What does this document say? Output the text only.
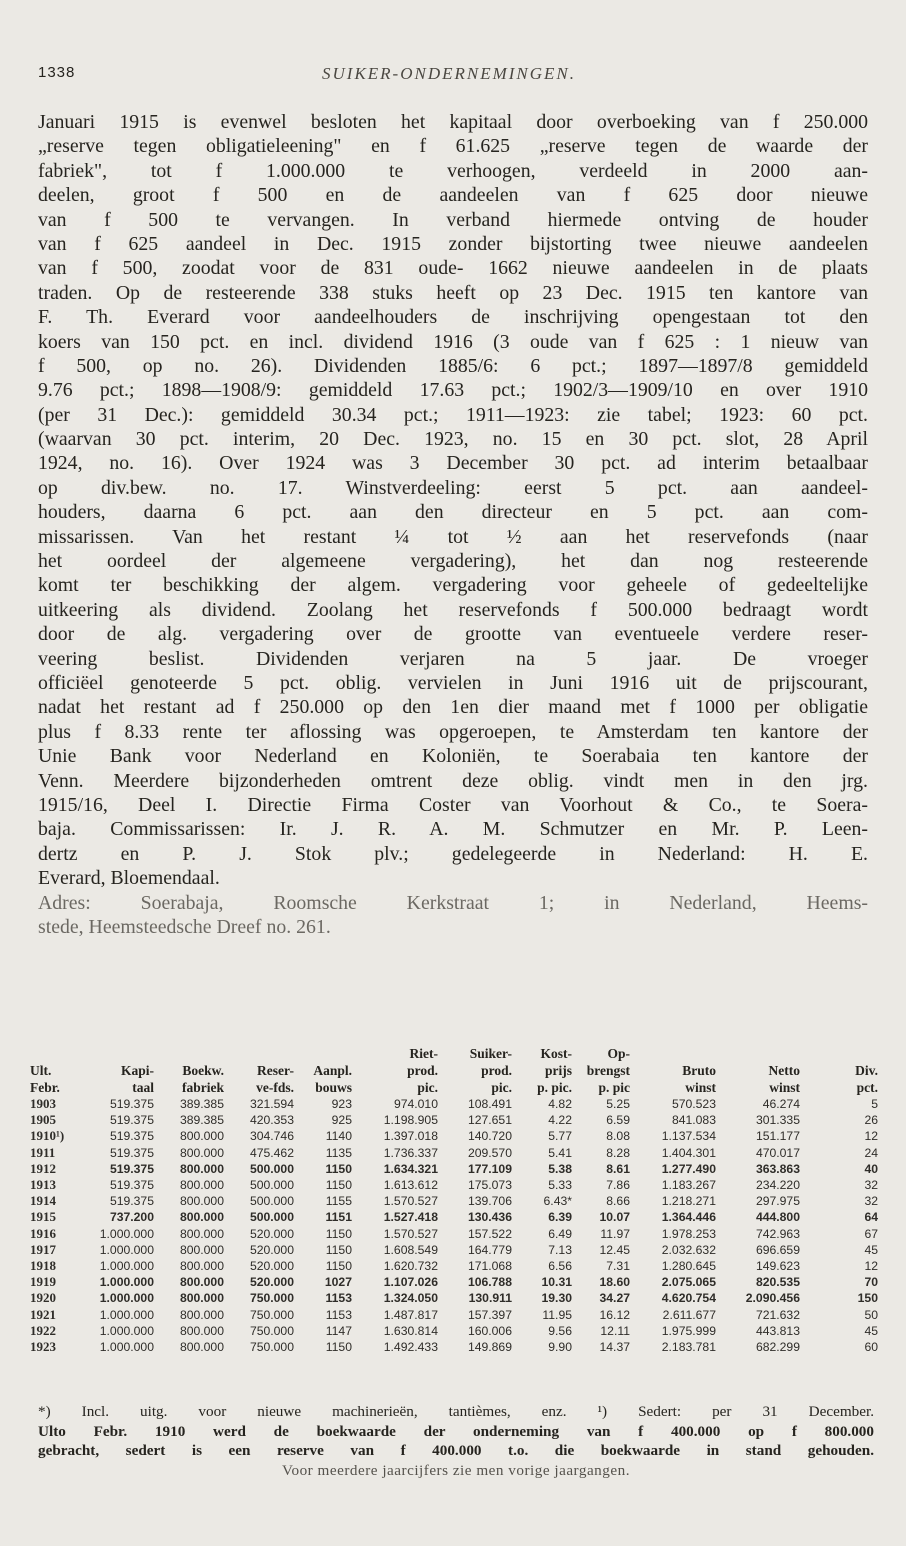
1338	SUIKER-ONDERNEMINGEN.
Januari 1915 is evenwel besloten het kapitaal door overboeking van f 250.000
„reserve tegen obligatieleening" en f 61.625 „reserve tegen de waarde der
fabriek", tot f 1.000.000 te verhoogen, verdeeld in 2000 aan-
deelen, groot f 500 en de aandeelen van f 625 door nieuwe
van f 500 te vervangen. In verband hiermede ontving de houder
van f 625 aandeel in Dec. 1915 zonder bijstorting twee nieuwe aandeelen
van f 500, zoodat voor de 831 oude- 1662 nieuwe aandeelen in de plaats
traden. Op de resteerende 338 stuks heeft op 23 Dec. 1915 ten kantore van
F. Th. Everard voor aandeelhouders de inschrijving opengestaan tot den
koers van 150 pct. en incl. dividend 1916 (3 oude van f 625 : 1 nieuw van
f 500, op no. 26). Dividenden 1885/6: 6 pct.; 1897—1897/8 gemiddeld
9.76 pct.; 1898—1908/9: gemiddeld 17.63 pct.; 1902/3—1909/10 en over 1910
(per 31 Dec.): gemiddeld 30.34 pct.; 1911—1923: zie tabel; 1923: 60 pct.
(waarvan 30 pct. interim, 20 Dec. 1923, no. 15 en 30 pct. slot, 28 April
1924, no. 16). Over 1924 was 3 December 30 pct. ad interim betaalbaar
op div.bew. no. 17. Winstverdeeling: eerst 5 pct. aan aandeel-
houders, daarna 6 pct. aan den directeur en 5 pct. aan com-
missarissen. Van het restant ¼ tot ½ aan het reservefonds (naar
het oordeel der algemeene vergadering), het dan nog resteerende
komt ter beschikking der algem. vergadering voor geheele of gedeeltelijke
uitkeering als dividend. Zoolang het reservefonds f 500.000 bedraagt wordt
door de alg. vergadering over de grootte van eventueele verdere reser-
veering beslist. Dividenden verjaren na 5 jaar. De vroeger
officiëel genoteerde 5 pct. oblig. vervielen in Juni 1916 uit de prijscourant,
nadat het restant ad f 250.000 op den 1en dier maand met f 1000 per obligatie
plus f 8.33 rente ter aflossing was opgeroepen, te Amsterdam ten kantore der
Unie Bank voor Nederland en Koloniën, te Soerabaia ten kantore der
Venn. Meerdere bijzonderheden omtrent deze oblig. vindt men in den jrg.
1915/16, Deel I. Directie Firma Coster van Voorhout & Co., te Soera-
baja. Commissarissen: Ir. J. R. A. M. Schmutzer en Mr. P. Leen-
dertz en P. J. Stok plv.; gedelegeerde in Nederland: H. E.
Everard, Bloemendaal.
Adres: Soerabaja, Roomsche Kerkstraat 1; in Nederland, Heems-
stede, Heemsteedsche Dreef no. 261.
					Riet-	Suiker-	Kost-	Op-			
Ult.	Kapi-	Boekw.	Reser-	Aanpl.	prod.	prod.	prijs	brengst	Bruto	Netto	Div.
Febr.	taal	fabriek	ve-fds.	bouws	pic.	pic.	p. pic.	p. pic	winst	winst	pct.
1903	519.375	389.385	321.594	923	974.010	108.491	4.82	5.25	570.523	46.274	5
1905	519.375	389.385	420.353	925	1.198.905	127.651	4.22	6.59	841.083	301.335	26
1910¹)	519.375	800.000	304.746	1140	1.397.018	140.720	5.77	8.08	1.137.534	151.177	12
1911	519.375	800.000	475.462	1135	1.736.337	209.570	5.41	8.28	1.404.301	470.017	24
1912	519.375	800.000	500.000	1150	1.634.321	177.109	5.38	8.61	1.277.490	363.863	40
1913	519.375	800.000	500.000	1150	1.613.612	175.073	5.33	7.86	1.183.267	234.220	32
1914	519.375	800.000	500.000	1155	1.570.527	139.706	6.43*	8.66	1.218.271	297.975	32
1915	737.200	800.000	500.000	1151	1.527.418	130.436	6.39	10.07	1.364.446	444.800	64
1916	1.000.000	800.000	520.000	1150	1.570.527	157.522	6.49	11.97	1.978.253	742.963	67
1917	1.000.000	800.000	520.000	1150	1.608.549	164.779	7.13	12.45	2.032.632	696.659	45
1918	1.000.000	800.000	520.000	1150	1.620.732	171.068	6.56	7.31	1.280.645	149.623	12
1919	1.000.000	800.000	520.000	1027	1.107.026	106.788	10.31	18.60	2.075.065	820.535	70
1920	1.000.000	800.000	750.000	1153	1.324.050	130.911	19.30	34.27	4.620.754	2.090.456	150
1921	1.000.000	800.000	750.000	1153	1.487.817	157.397	11.95	16.12	2.611.677	721.632	50
1922	1.000.000	800.000	750.000	1147	1.630.814	160.006	9.56	12.11	1.975.999	443.813	45
1923	1.000.000	800.000	750.000	1150	1.492.433	149.869	9.90	14.37	2.183.781	682.299	60
*) Incl. uitg. voor nieuwe machinerieën, tantièmes, enz. ¹) Sedert: per 31 December.
Ulto Febr. 1910 werd de boekwaarde der onderneming van f 400.000 op f 800.000
gebracht, sedert is een reserve van f 400.000 t.o. die boekwaarde in stand gehouden.
Voor meerdere jaarcijfers zie men vorige jaargangen.
